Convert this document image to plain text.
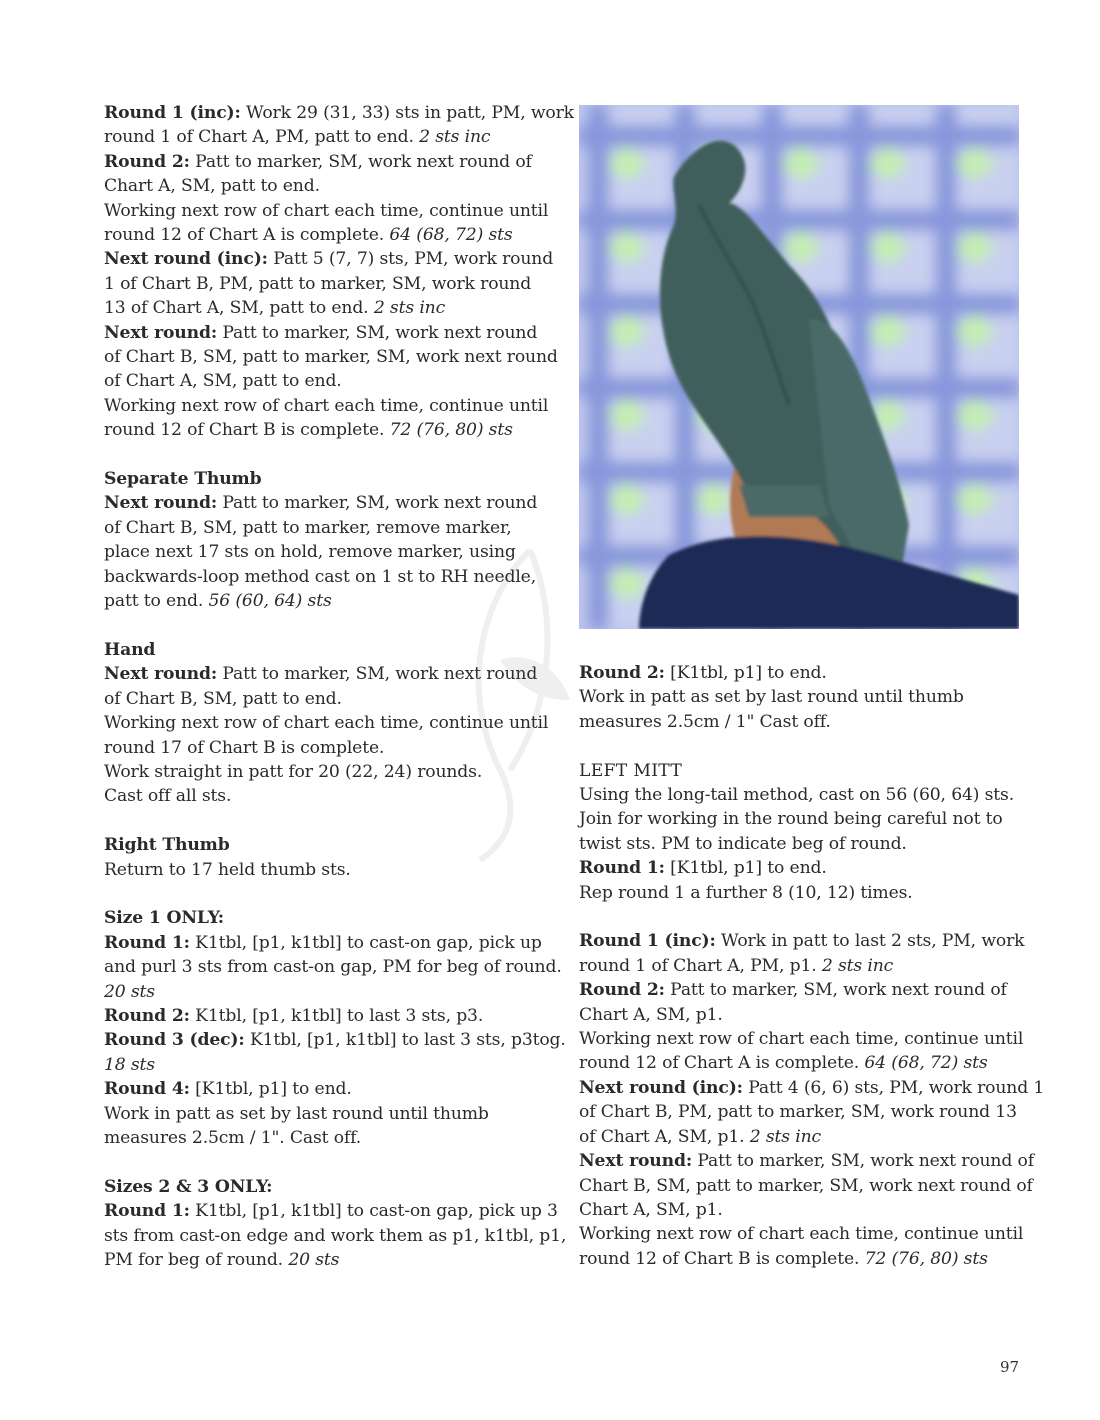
Round 1 (inc): Work 29 (31, 33) sts in patt, PM, work

round 1 of Chart A, PM, patt to end. 2 sts inc

Round 2: Patt to marker, SM, work next round of

Chart A, SM, patt to end.

Working next row of chart each time, continue until

round 12 of Chart A is complete. 64 (68, 72) sts

Next round (inc): Patt 5 (7, 7) sts, PM, work round

1 of Chart B, PM, patt to marker, SM, work round

13 of Chart A, SM, patt to end. 2 sts inc

Next round: Patt to marker, SM, work next round

of Chart B, SM, patt to marker, SM, work next round

of Chart A, SM, patt to end.

Working next row of chart each time, continue until

round 12 of Chart B is complete. 72 (76, 80) sts

Separate Thumb

Next round: Patt to marker, SM, work next round

of Chart B, SM, patt to marker, remove marker,

place next 17 sts on hold, remove marker, using

backwards-loop method cast on 1 st to RH needle,

patt to end. 56 (60, 64) sts

Hand

Next round: Patt to marker, SM, work next round

of Chart B, SM, patt to end.

Working next row of chart each time, continue until

round 17 of Chart B is complete.

Work straight in patt for 20 (22, 24) rounds.

Cast off all sts.

Right Thumb

Return to 17 held thumb sts.

Size 1 ONLY:

Round 1: K1tbl, [p1, k1tbl] to cast-on gap, pick up

and purl 3 sts from cast-on gap, PM for beg of round.

20 sts

Round 2: K1tbl, [p1, k1tbl] to last 3 sts, p3.

Round 3 (dec): K1tbl, [p1, k1tbl] to last 3 sts, p3tog.

18 sts

Round 4: [K1tbl, p1] to end.

Work in patt as set by last round until thumb

measures 2.5cm / 1". Cast off.

Sizes 2 & 3 ONLY:

Round 1: K1tbl, [p1, k1tbl] to cast-on gap, pick up 3

sts from cast-on edge and work them as p1, k1tbl, p1,

PM for beg of round. 20 sts

Round 2: [K1tbl, p1] to end.

Work in patt as set by last round until thumb

measures 2.5cm / 1" Cast off.

LEFT MITT

Using the long-tail method, cast on 56 (60, 64) sts.

Join for working in the round being careful not to

twist sts. PM to indicate beg of round.

Round 1: [K1tbl, p1] to end.

Rep round 1 a further 8 (10, 12) times.

Round 1 (inc): Work in patt to last 2 sts, PM, work

round 1 of Chart A, PM, p1. 2 sts inc

Round 2: Patt to marker, SM, work next round of

Chart A, SM, p1.

Working next row of chart each time, continue until

round 12 of Chart A is complete. 64 (68, 72) sts

Next round (inc): Patt 4 (6, 6) sts, PM, work round 1

of Chart B, PM, patt to marker, SM, work round 13

of Chart A, SM, p1. 2 sts inc

Next round: Patt to marker, SM, work next round of

Chart B, SM, patt to marker, SM, work next round of

Chart A, SM, p1.

Working next row of chart each time, continue until

round 12 of Chart B is complete. 72 (76, 80) sts

97
